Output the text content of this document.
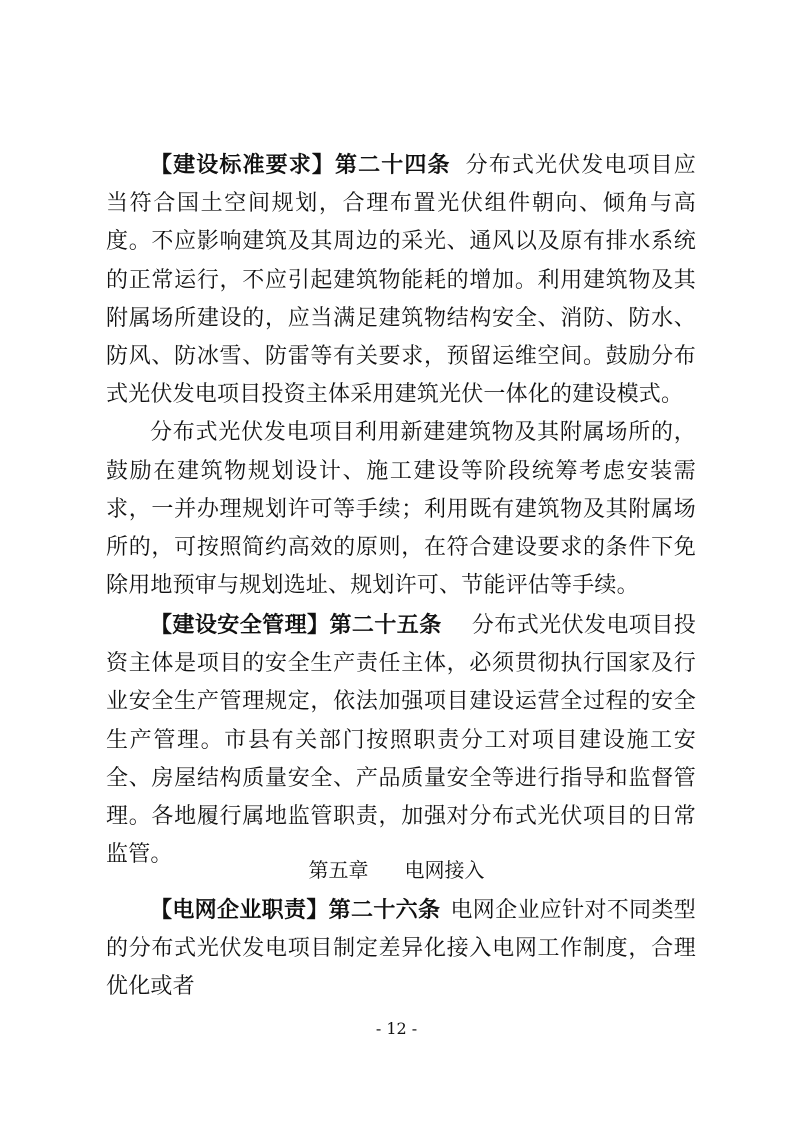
【建设标准要求】第二十四条 分布式光伏发电项目应当符合国土空间规划，合理布置光伏组件朝向、倾角与高度。不应影响建筑及其周边的采光、通风以及原有排水系统的正常运行，不应引起建筑物能耗的增加。利用建筑物及其附属场所建设的，应当满足建筑物结构安全、消防、防水、防风、防冰雪、防雷等有关要求，预留运维空间。鼓励分布式光伏发电项目投资主体采用建筑光伏一体化的建设模式。

分布式光伏发电项目利用新建建筑物及其附属场所的，鼓励在建筑物规划设计、施工建设等阶段统筹考虑安装需求，一并办理规划许可等手续；利用既有建筑物及其附属场所的，可按照简约高效的原则，在符合建设要求的条件下免除用地预审与规划选址、规划许可、节能评估等手续。

【建设安全管理】第二十五条 分布式光伏发电项目投资主体是项目的安全生产责任主体，必须贯彻执行国家及行业安全生产管理规定，依法加强项目建设运营全过程的安全生产管理。市县有关部门按照职责分工对项目建设施工安全、房屋结构质量安全、产品质量安全等进行指导和监督管理。各地履行属地监管职责，加强对分布式光伏项目的日常监管。

第五章 电网接入

【电网企业职责】第二十六条 电网企业应针对不同类型的分布式光伏发电项目制定差异化接入电网工作制度，合理优化或者

- 12 -
